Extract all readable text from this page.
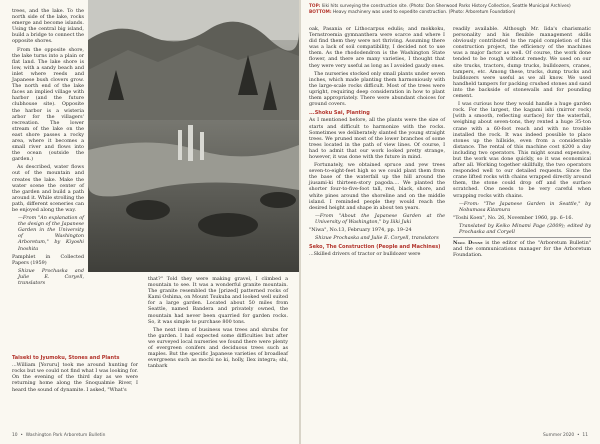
trees, and the lake. To the north side of the lake, rocks emerge and become islands. Using the central big island, build a bridge to connect the opposite shores.

From the opposite shore, the lake turns into a plain or flat land. The lake shore is low, with a sandy beach and inlet where reeds and Japanese bush clovers grow. The north end of the lake faces an implied village with harbor (and the future clubhouse site). Opposite the harbor is a wisteria arbor for the villagers' recreation. The lower stream of the lake on the east shore passes a rocky area, where it becomes a small river and flows into the ocean (outside the garden.)

As described, water flows out of the mountain and creates the lake. Make the water scene the center of the garden and build a path around it. While strolling the path, different sceneries can be enjoyed along the way.

—From "An explanation of the design of the Japanese Garden in the University of Washington Arboretum," by Kiyoshi Inoshita

Pamphlet in Collected Papers (1959)

Shizue Prochaska and Julie E. Coryell, translators

Taiseki to Jyumoku, Stones and Plants

...William [Yoruru] took me around hunting for rocks but we could not find what I was looking for. On the evening of the third day as we were returning home along the Snoqualmie River, I heard the sound of dynamite. I asked, "What's

that?" Told they were making gravel, I climbed a mountain to see. It was a wonderful granite mountain. The granite resembled the [prized] patterned rocks of Kami Oshima, on Mount Tsukuba and looked well suited for a large garden. Located about 50 miles from Seattle, named Bandera and privately owned, the mountain had never been quarried for garden rocks. So, it was simple to purchase 800 tons.

The next item of business was trees and shrubs for the garden. I had expected some difficulties but after we surveyed local nurseries we found there were plenty of evergreen conifers and deciduous trees such as maples. But the specific Japanese varieties of broadleaf evergreens such as mochi no ki, holly, Ilex integra; shi, tanbark

10  •  Washington Park Arboretum Bulletin
TOP: Iiiki hits surveying the construction site. (Photo: Don Sherwood Parks History Collection, Seattle Municipal Archives)
BOTTOM: Heavy machinery was used to expedite construction. (Photo: Arboretum Foundation)

oak, Pasania or Lithocarpus edulis; and mokkoku, Ternstroemia gymnanthera were scarce and where I did find them they were not thriving. Assuming there was a lack of soil compatibility, I decided not to use them. As the rhododendron is the Washington State flower, and there are many varieties, I thought that they were very useful as long as I avoided gaudy ones.

The nurseries stocked only small plants under seven inches, which made planting them harmoniously with the large-scale rocks difficult. Most of the trees were upright, requiring deep consideration in how to plant them appropriately. There were abundant choices for ground covers.

...Shoku Sai, Planting

As I mentioned before, all the plants were the size of starts and difficult to harmonize with the rocks. Sometimes we deliberately slanted the young straight trees. We pruned most of the lower branches of some trees located in the path of view lines. Of course, I had to admit that our work looked pretty strange, however, it was done with the future in mind.

Fortunately, we obtained spruce and yew trees seven-to-eight-feet high so we could plant them from the base of the waterfall up the hill around the jiusami-ki thirteen-story pagoda.... We planted the shorter four-to-five-foot tall, red, black, shore, and white pines around the shoreline and on the middle island. I reminded people they would reach the desired height and shape in about ten years.

—From "About the Japanese Garden at the University of Washington," by Iiiki Juki

"Niwa", No.13, February 1974, pp. 19–24

Shizue Prochaska and Julie E. Coryell, translators

Seko, The Construction (People and Machines)

...Skilled drivers of tractor or bulldozer were

readily available. Although Mr. Iida's charismatic personality and his flexible management skills obviously contributed to the rapid completion of this construction project, the efficiency of the machines was a major factor as well. Of course, the work done tended to be rough without remedy. We used on our site trucks, tractors, dump trucks, bulldozers, cranes, tampers, etc. Among these, trucks, dump trucks and bulldozers were useful as we all know. We used handheld tampers for packing crushed stones and sand into the backside of stonewalls and for pounding cement.

I was curious how they would handle a huge garden rock. For the largest, the kagami ishi (mirror rock) [with a smooth, reflecting surface] for the waterfall, weighing about seven-tons, they rented a huge 35-ton crane with a 60-foot reach and with no trouble installed the rock. It was indeed possible to place stones up the hillside, even from a considerable distance. The rental of this machine cost $200 a day including two operators. This might sound expensive, but the work was done quickly, so it was economical after all. Working together skillfully, the two operators responded well to our detailed requests. Since the crane lifted rocks with chains wrapped directly around them, the stone could drop off and the surface scratched. One needs to be very careful when wrapping rocks with chains.

—From: "The Japanese Garden in Seattle," by Nobumasa Kitamura

"Toshi Koen", No. 26, November 1960, pp. 6–16.

Translated by Keiko Minami Page (2009); edited by Prochaska and Coryell

Niall Dunne is the editor of the "Arboretum Bulletin" and the communications manager for the Arboretum Foundation.

Summer 2020  •  11
